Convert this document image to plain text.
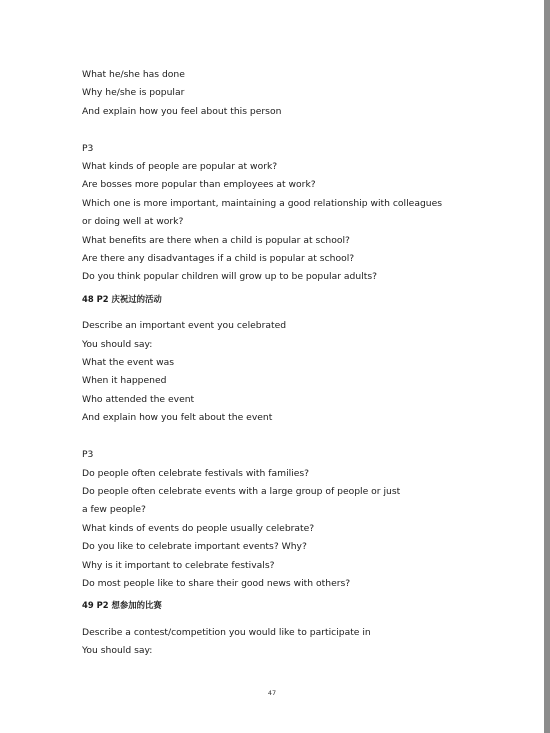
What he/she has done
Why he/she is popular
And explain how you feel about this person
P3
What kinds of people are popular at work?
Are bosses more popular than employees at work?
Which one is more important, maintaining a good relationship with colleagues
or doing well at work?
What benefits are there when a child is popular at school?
Are there any disadvantages if a child is popular at school?
Do you think popular children will grow up to be popular adults?
48 P2 庆祝过的活动
Describe an important event you celebrated
You should say:
What the event was
When it happened
Who attended the event
And explain how you felt about the event
P3
Do people often celebrate festivals with families?
Do people often celebrate events with a large group of people or just
a few people?
What kinds of events do people usually celebrate?
Do you like to celebrate important events? Why?
Why is it important to celebrate festivals?
Do most people like to share their good news with others?
49 P2 想参加的比赛
Describe a contest/competition you would like to participate in
You should say:
47
